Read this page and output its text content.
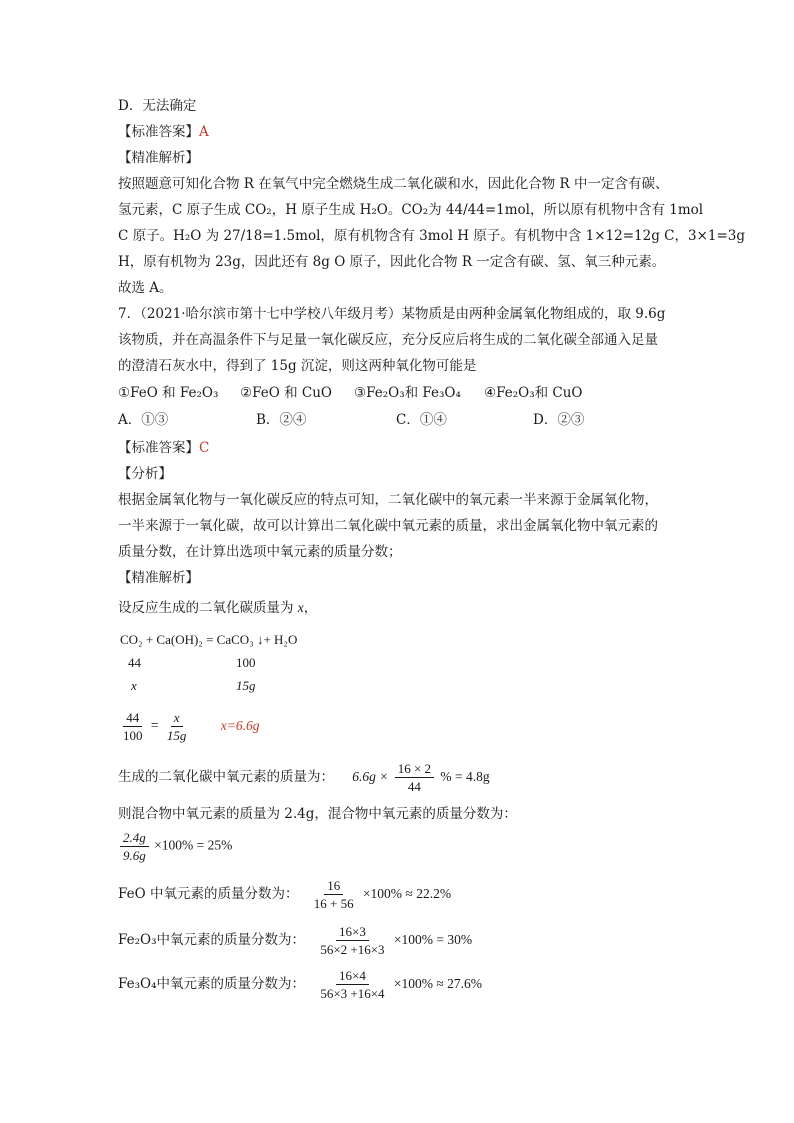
D．无法确定
【标准答案】A
【精准解析】
按照题意可知化合物 R 在氧气中完全燃烧生成二氧化碳和水，因此化合物 R 中一定含有碳、
氢元素，C 原子生成 CO₂，H 原子生成 H₂O。CO₂为 44/44=1mol，所以原有机物中含有 1mol
C 原子。H₂O 为 27/18=1.5mol，原有机物含有 3mol H 原子。有机物中含 1×12=12g C，3×1=3g
H，原有机物为 23g，因此还有 8g O 原子，因此化合物 R 一定含有碳、氢、氧三种元素。
故选 A。
7．（2021·哈尔滨市第十七中学校八年级月考）某物质是由两种金属氧化物组成的，取 9.6g
该物质，并在高温条件下与足量一氧化碳反应，充分反应后将生成的二氧化碳全部通入足量
的澄清石灰水中，得到了 15g 沉淀，则这两种氧化物可能是
①FeO 和 Fe₂O₃ ②FeO 和 CuO ③Fe₂O₃和 Fe₃O₄ ④Fe₂O₃和 CuO
A．①③	B．②④	C．①④	D．②③
【标准答案】C
【分析】
根据金属氧化物与一氧化碳反应的特点可知，二氧化碳中的氧元素一半来源于金属氧化物，
一半来源于一氧化碳，故可以计算出二氧化碳中氧元素的质量，求出金属氧化物中氧元素的
质量分数，在计算出选项中氧元素的质量分数；
【精准解析】
设反应生成的二氧化碳质量为 x，
CO₂ + Ca(OH)₂ = CaCO₃ ↓+ H₂O
44	100
x	15g
$\frac{44}{100} = \frac{x}{15g} x=6.6g$
生成的二氧化碳中氧元素的质量为： $6.6g \times \frac{16 \times 2}{44}$ % = 4.8g
则混合物中氧元素的质量为 2.4g，混合物中氧元素的质量分数为：
$\frac{2.4g}{9.6g} \times 100\% = 25\%$
FeO 中氧元素的质量分数为： $\frac{16}{16 + 56} \times 100\% \approx 22.2\%$
Fe₂O₃中氧元素的质量分数为： $\frac{16\times 3}{56\times 2 +16\times 3} \times 100\% = 30\%$
Fe₃O₄中氧元素的质量分数为： $\frac{16\times 4}{56\times 3 +16\times 4} \times 100\% \approx 27.6\%$
